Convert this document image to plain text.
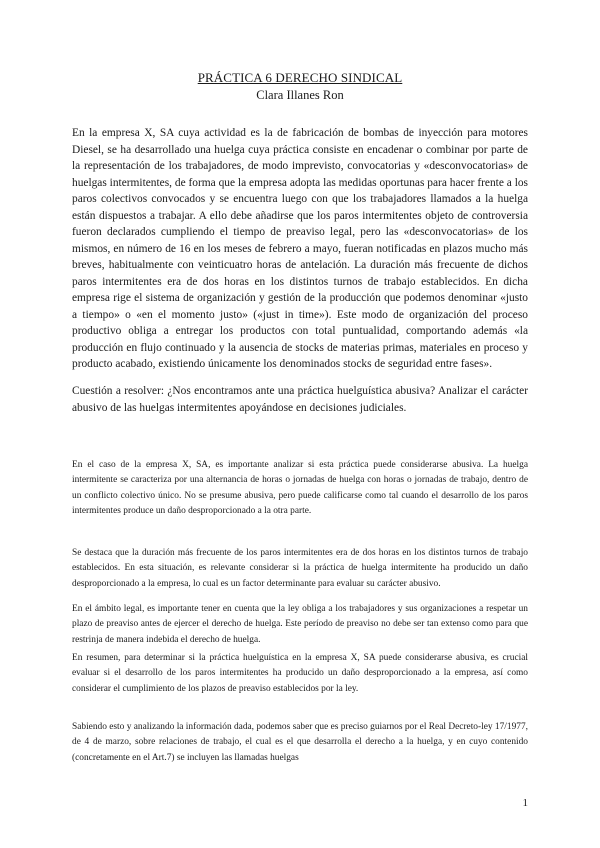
PRÁCTICA 6 DERECHO SINDICAL
Clara Illanes Ron

En la empresa X, SA cuya actividad es la de fabricación de bombas de inyección para motores Diesel, se ha desarrollado una huelga cuya práctica consiste en encadenar o combinar por parte de la representación de los trabajadores, de modo imprevisto, convocatorias y «desconvocatorias» de huelgas intermitentes, de forma que la empresa adopta las medidas oportunas para hacer frente a los paros colectivos convocados y se encuentra luego con que los trabajadores llamados a la huelga están dispuestos a trabajar. A ello debe añadirse que los paros intermitentes objeto de controversia fueron declarados cumpliendo el tiempo de preaviso legal, pero las «desconvocatorias» de los mismos, en número de 16 en los meses de febrero a mayo, fueran notificadas en plazos mucho más breves, habitualmente con veinticuatro horas de antelación. La duración más frecuente de dichos paros intermitentes era de dos horas en los distintos turnos de trabajo establecidos. En dicha empresa rige el sistema de organización y gestión de la producción que podemos denominar «justo a tiempo» o «en el momento justo» («just in time»). Este modo de organización del proceso productivo obliga a entregar los productos con total puntualidad, comportando además «la producción en flujo continuado y la ausencia de stocks de materias primas, materiales en proceso y producto acabado, existiendo únicamente los denominados stocks de seguridad entre fases».

Cuestión a resolver: ¿Nos encontramos ante una práctica huelguística abusiva? Analizar el carácter abusivo de las huelgas intermitentes apoyándose en decisiones judiciales.

En el caso de la empresa X, SA, es importante analizar si esta práctica puede considerarse abusiva. La huelga intermitente se caracteriza por una alternancia de horas o jornadas de huelga con horas o jornadas de trabajo, dentro de un conflicto colectivo único. No se presume abusiva, pero puede calificarse como tal cuando el desarrollo de los paros intermitentes produce un daño desproporcionado a la otra parte.

Se destaca que la duración más frecuente de los paros intermitentes era de dos horas en los distintos turnos de trabajo establecidos. En esta situación, es relevante considerar si la práctica de huelga intermitente ha producido un daño desproporcionado a la empresa, lo cual es un factor determinante para evaluar su carácter abusivo.

En el ámbito legal, es importante tener en cuenta que la ley obliga a los trabajadores y sus organizaciones a respetar un plazo de preaviso antes de ejercer el derecho de huelga. Este período de preaviso no debe ser tan extenso como para que restrinja de manera indebida el derecho de huelga.

En resumen, para determinar si la práctica huelguística en la empresa X, SA puede considerarse abusiva, es crucial evaluar si el desarrollo de los paros intermitentes ha producido un daño desproporcionado a la empresa, así como considerar el cumplimiento de los plazos de preaviso establecidos por la ley.

Sabiendo esto y analizando la información dada, podemos saber que es preciso guiarnos por el Real Decreto-ley 17/1977, de 4 de marzo, sobre relaciones de trabajo, el cual es el que desarrolla el derecho a la huelga, y en cuyo contenido (concretamente en el Art.7) se incluyen las llamadas huelgas

1
